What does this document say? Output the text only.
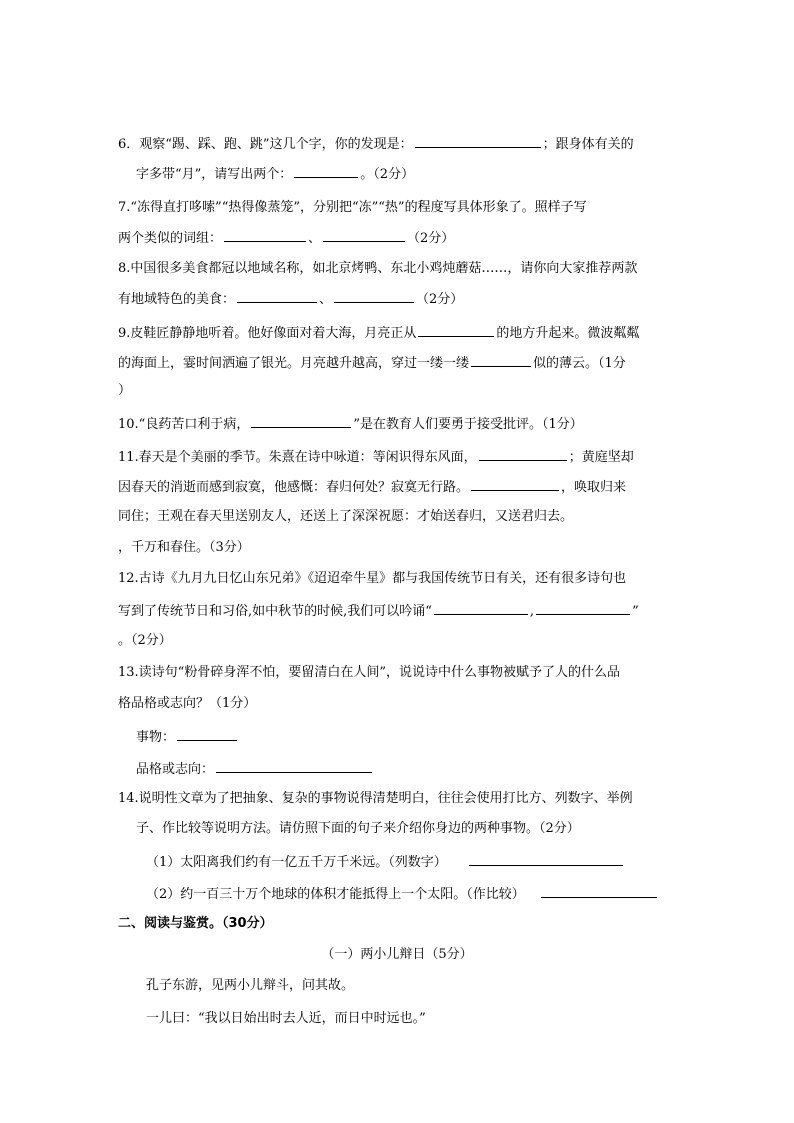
6．观察“踢、踩、跑、跳”这几个字，你的发现是：	；跟身体有关的
字多带“月”，请写出两个：	。（2分）
7.“冻得直打哆嗦”“热得像蒸笼”，分别把“冻”“热”的程度写具体形象了。照样子写
两个类似的词组：	、	（2分）
8.中国很多美食都冠以地域名称，如北京烤鸭、东北小鸡炖蘑菇……，请你向大家推荐两款
有地域特色的美食：	、	（2分）
9.皮鞋匠静静地听着。他好像面对着大海，月亮正从	的地方升起来。微波粼粼
的海面上，霎时间洒遍了银光。月亮越升越高，穿过一缕一缕	似的薄云。（1分
）
10.“良药苦口利于病，	”是在教育人们要勇于接受批评。（1分）
11.春天是个美丽的季节。朱熹在诗中咏道：等闲识得东风面，	；黄庭坚却
因春天的消逝而感到寂寞，他感慨：春归何处？寂寞无行路。	，唤取归来
同住；王观在春天里送别友人，还送上了深深祝愿：才始送春归，又送君归去。
，千万和春住。（3分）
12.古诗《九月九日忆山东兄弟》《迢迢牵牛星》都与我国传统节日有关，还有很多诗句也
写到了传统节日和习俗,如中秋节的时候,我们可以吟诵“	,	”
。（2分）
13.读诗句“粉骨碎身浑不怕，要留清白在人间”，说说诗中什么事物被赋予了人的什么品
格品格或志向？（1分）
事物：
品格或志向：
14.说明性文章为了把抽象、复杂的事物说得清楚明白，往往会使用打比方、列数字、举例
子、作比较等说明方法。请仿照下面的句子来介绍你身边的两种事物。（2分）
（1）太阳离我们约有一亿五千万千米远。（列数字）
（2）约一百三十万个地球的体积才能抵得上一个太阳。（作比较）
二、阅读与鉴赏。（30分）
（一）两小儿辩日（5分）
孔子东游，见两小儿辩斗，问其故。
一儿曰：“我以日始出时去人近，而日中时远也。”
